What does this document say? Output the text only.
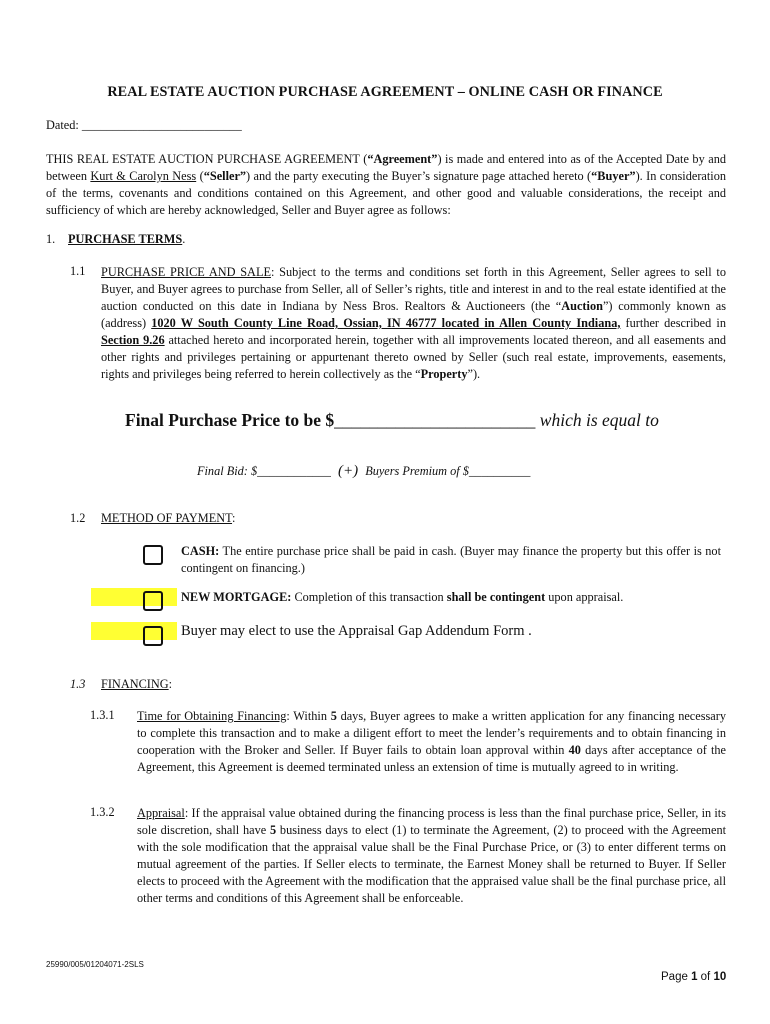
REAL ESTATE AUCTION PURCHASE AGREEMENT – ONLINE CASH OR FINANCE
Dated: __________________________
THIS REAL ESTATE AUCTION PURCHASE AGREEMENT (“Agreement”) is made and entered into as of the Accepted Date by and between Kurt & Carolyn Ness (“Seller”) and the party executing the Buyer’s signature page attached hereto (“Buyer”). In consideration of the terms, covenants and conditions contained on this Agreement, and other good and valuable considerations, the receipt and sufficiency of which are hereby acknowledged, Seller and Buyer agree as follows:
1. PURCHASE TERMS.
1.1 PURCHASE PRICE AND SALE: Subject to the terms and conditions set forth in this Agreement, Seller agrees to sell to Buyer, and Buyer agrees to purchase from Seller, all of Seller’s rights, title and interest in and to the real estate identified at the auction conducted on this date in Indiana by Ness Bros. Realtors & Auctioneers (the “Auction”) commonly known as (address) 1020 W South County Line Road, Ossian, IN 46777 located in Allen County Indiana, further described in Section 9.26 attached hereto and incorporated herein, together with all improvements located thereon, and all easements and other rights and privileges pertaining or appurtenant thereto owned by Seller (such real estate, improvements, easements, rights and privileges being referred to herein collectively as the “Property”).
Final Purchase Price to be $_______________________ which is equal to
Final Bid: $____________ (+) Buyers Premium of $__________
1.2 METHOD OF PAYMENT:
CASH: The entire purchase price shall be paid in cash. (Buyer may finance the property but this offer is not contingent on financing.)
NEW MORTGAGE: Completion of this transaction shall be contingent upon appraisal.
Buyer may elect to use the Appraisal Gap Addendum Form .
1.3 FINANCING:
1.3.1 Time for Obtaining Financing: Within 5 days, Buyer agrees to make a written application for any financing necessary to complete this transaction and to make a diligent effort to meet the lender’s requirements and to obtain financing in cooperation with the Broker and Seller. If Buyer fails to obtain loan approval within 40 days after acceptance of the Agreement, this Agreement is deemed terminated unless an extension of time is mutually agreed to in writing.
1.3.2 Appraisal: If the appraisal value obtained during the financing process is less than the final purchase price, Seller, in its sole discretion, shall have 5 business days to elect (1) to terminate the Agreement, (2) to proceed with the Agreement with the sole modification that the appraisal value shall be the Final Purchase Price, or (3) to enter different terms on mutual agreement of the parties. If Seller elects to terminate, the Earnest Money shall be returned to Buyer. If Seller elects to proceed with the Agreement with the modification that the appraised value shall be the final purchase price, all other terms and conditions of this Agreement shall be enforceable.
25990/005/01204071-2SLS
Page 1 of 10
